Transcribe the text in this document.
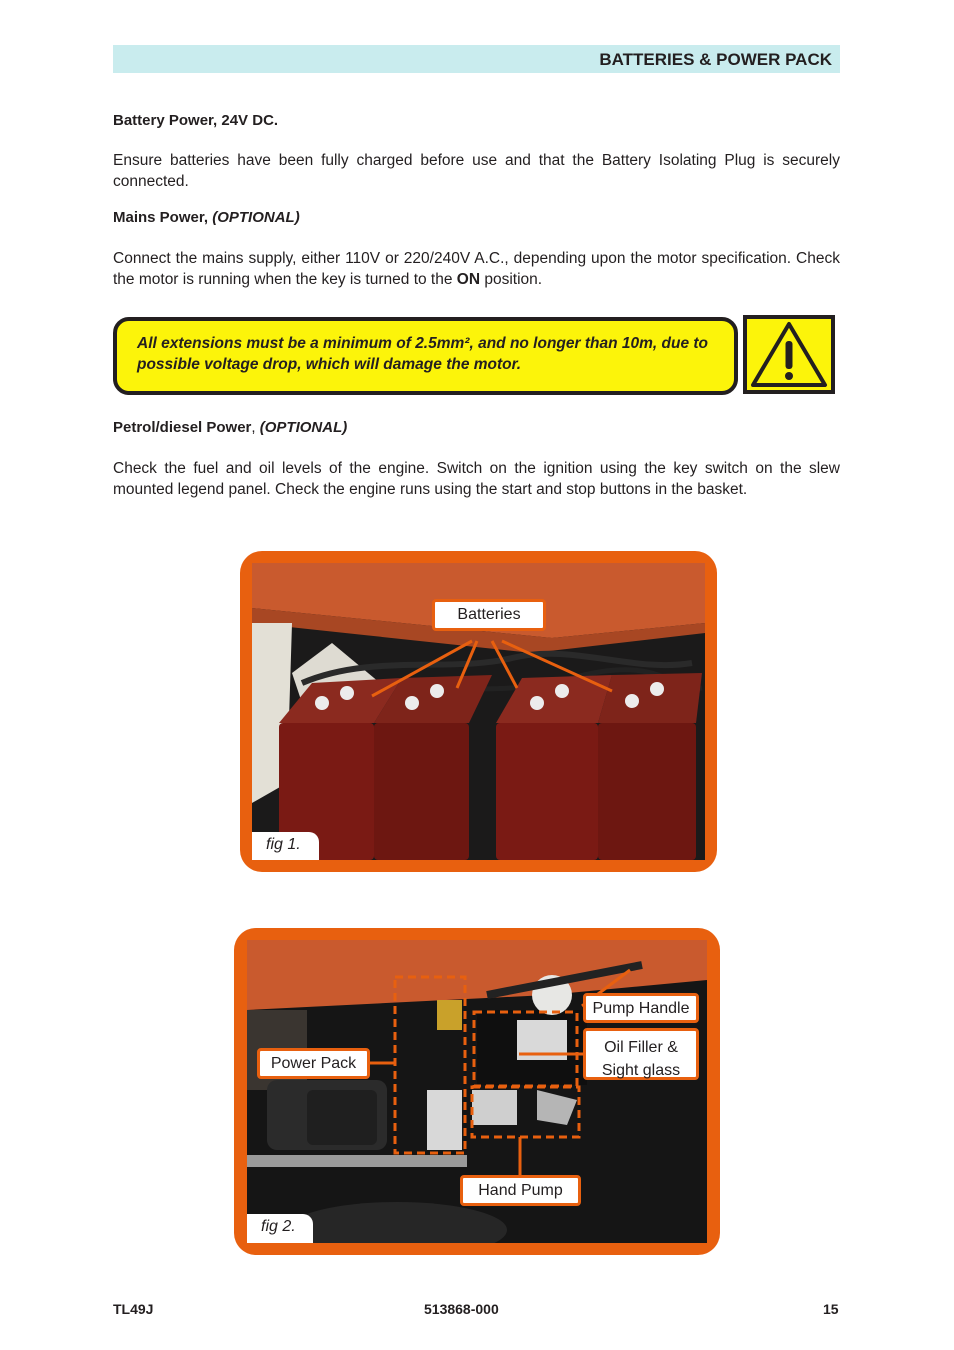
BATTERIES & POWER PACK
Battery Power, 24V DC.
Ensure batteries have been fully charged before use and that the Battery Isolating Plug is securely connected.
Mains Power, (OPTIONAL)
Connect the mains supply, either 110V or 220/240V A.C., depending upon the motor specification. Check the motor is running when the key is turned to the ON position.
All extensions must be a minimum of 2.5mm², and no longer than 10m, due to possible voltage drop, which will damage the motor.
Petrol/diesel Power, (OPTIONAL)
Check the fuel and oil levels of the engine. Switch on the ignition using the key switch on the slew mounted legend panel. Check the engine runs using the start and stop buttons in the basket.
Batteries
fig 1.
Pump Handle
Oil Filler & Sight glass
Power Pack
Hand Pump
fig 2.
TL49J	513868-000	15
